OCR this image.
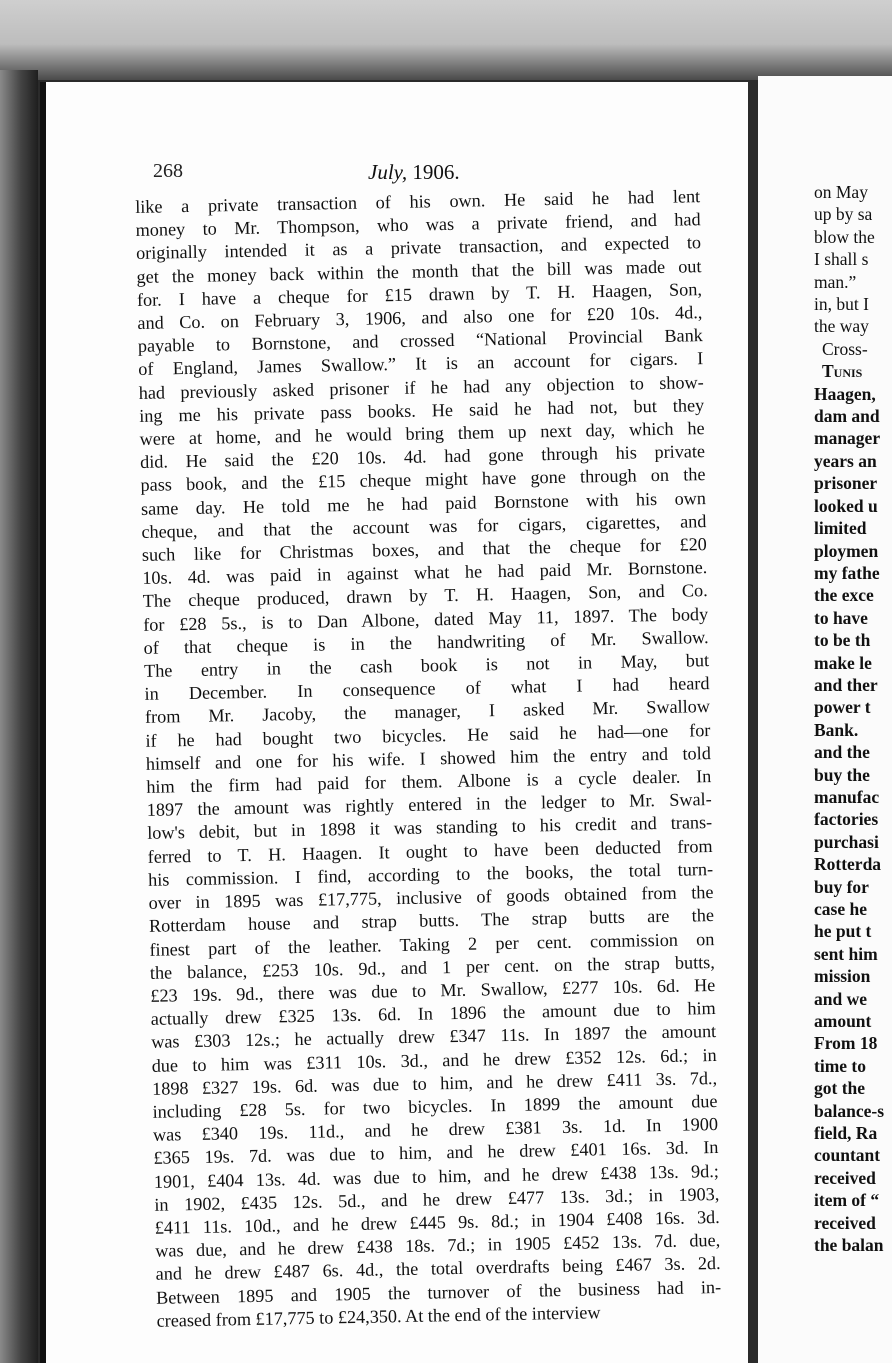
268	July, 1906.
like a private transaction of his own. He said he had lent
money to Mr. Thompson, who was a private friend, and had
originally intended it as a private transaction, and expected to
get the money back within the month that the bill was made out
for. I have a cheque for £15 drawn by T. H. Haagen, Son,
and Co. on February 3, 1906, and also one for £20 10s. 4d.,
payable to Bornstone, and crossed “National Provincial Bank
of England, James Swallow.” It is an account for cigars. I
had previously asked prisoner if he had any objection to show-
ing me his private pass books. He said he had not, but they
were at home, and he would bring them up next day, which he
did. He said the £20 10s. 4d. had gone through his private
pass book, and the £15 cheque might have gone through on the
same day. He told me he had paid Bornstone with his own
cheque, and that the account was for cigars, cigarettes, and
such like for Christmas boxes, and that the cheque for £20
10s. 4d. was paid in against what he had paid Mr. Bornstone.
The cheque produced, drawn by T. H. Haagen, Son, and Co.
for £28 5s., is to Dan Albone, dated May 11, 1897. The body
of that cheque is in the handwriting of Mr. Swallow.
The entry in the cash book is not in May, but
in December. In consequence of what I had heard
from Mr. Jacoby, the manager, I asked Mr. Swallow
if he had bought two bicycles. He said he had—one for
himself and one for his wife. I showed him the entry and told
him the firm had paid for them. Albone is a cycle dealer. In
1897 the amount was rightly entered in the ledger to Mr. Swal-
low's debit, but in 1898 it was standing to his credit and trans-
ferred to T. H. Haagen. It ought to have been deducted from
his commission. I find, according to the books, the total turn-
over in 1895 was £17,775, inclusive of goods obtained from the
Rotterdam house and strap butts. The strap butts are the
finest part of the leather. Taking 2 per cent. commission on
the balance, £253 10s. 9d., and 1 per cent. on the strap butts,
£23 19s. 9d., there was due to Mr. Swallow, £277 10s. 6d. He
actually drew £325 13s. 6d. In 1896 the amount due to him
was £303 12s.; he actually drew £347 11s. In 1897 the amount
due to him was £311 10s. 3d., and he drew £352 12s. 6d.; in
1898 £327 19s. 6d. was due to him, and he drew £411 3s. 7d.,
including £28 5s. for two bicycles. In 1899 the amount due
was £340 19s. 11d., and he drew £381 3s. 1d. In 1900
£365 19s. 7d. was due to him, and he drew £401 16s. 3d. In
1901, £404 13s. 4d. was due to him, and he drew £438 13s. 9d.;
in 1902, £435 12s. 5d., and he drew £477 13s. 3d.; in 1903,
£411 11s. 10d., and he drew £445 9s. 8d.; in 1904 £408 16s. 3d.
was due, and he drew £438 18s. 7d.; in 1905 £452 13s. 7d. due,
and he drew £487 6s. 4d., the total overdrafts being £467 3s. 2d.
Between 1895 and 1905 the turnover of the business had in-
creased from £17,775 to £24,350. At the end of the interview
on May
up by sa
blow the
I shall s
man.”
in, but I
the way
Cross-
Tunis
Haagen,
dam and
manager
years an
prisoner
looked u
limited
ploymen
my fathe
the exce
to have
to be th
make le
and ther
power t
Bank.
and the
buy the
manufac
factories
purchasi
Rotterda
buy for
case he
he put t
sent him
mission
and we
amount
From 18
time to
got the
balance-s
field, Ra
countant
received
item of “
received
the balan
